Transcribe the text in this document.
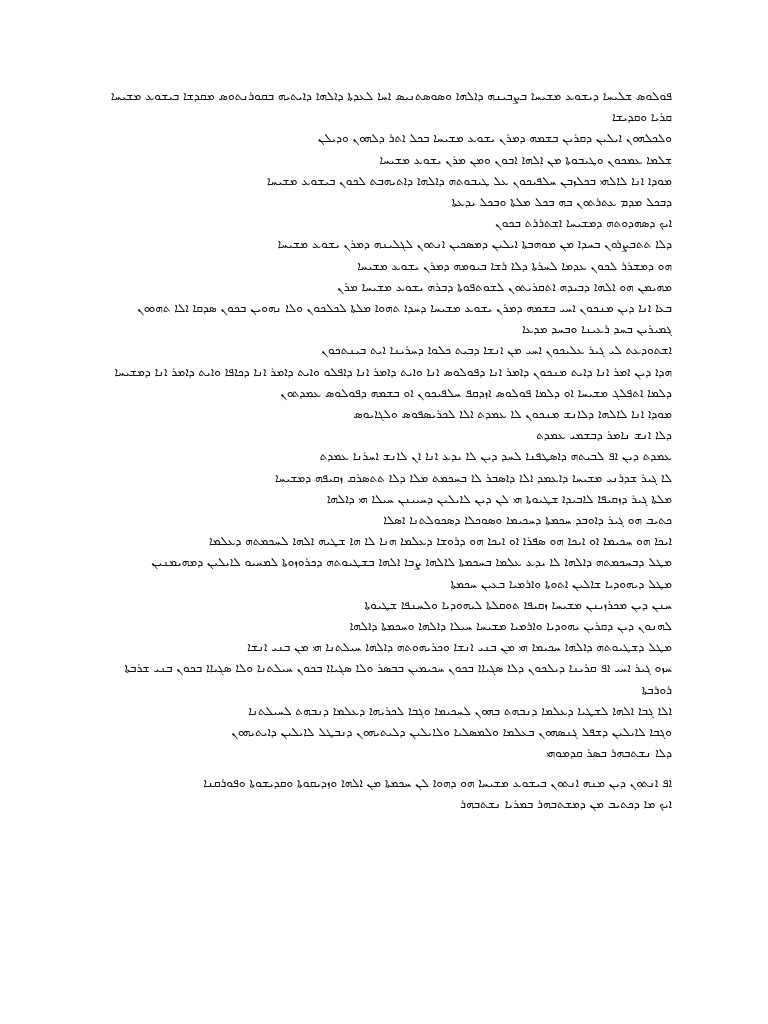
ܦܘܠܘܣ ܫܠܝܚܐ ܕܝܫܘܥ ܡܫܝܚܐ ܒܨܒܝܢܗ ܕܐܠܗܐ ܘܣܘܣܬܢܝܣ ܐܚܐ ܠܥܕܬܐ ܕܐܠܗܐ ܕܐܝܬܝܗ ܒܩܘܪܢܬܘܣ ܡܩܕܫܐ ܒܝܫܘܥ ܡܫܝܚܐ ܩܪܝܐ ܘܩܕܝܫܐ

ܘܠܟܠܗܘܢ ܐܝܠܝܢ ܕܩܪܝܢ ܒܫܡܗ ܕܡܪܢ ܝܫܘܥ ܡܫܝܚܐ ܒܟܠ ܐܬܪ ܕܠܗܘܢ ܘܕܝܠܢ

ܫܠܡܐ ܥܡܟܘܢ ܘܛܝܒܘܬܐ ܡܢ ܐܠܗܐ ܐܒܘܢ ܘܡܢ ܡܪܢ ܝܫܘܥ ܡܫܝܚܐ

ܡܘܕܐ ܐܢܐ ܠܐܠܗܝ ܒܟܠܙܒܢ ܚܠܦܝܟܘܢ ܥܠ ܛܝܒܘܬܗ ܕܐܠܗܐ ܕܐܬܝܗܒܬ ܠܟܘܢ ܒܝܫܘܥ ܡܫܝܚܐ

ܕܒܟܠ ܡܕܡ ܥܬܪܬܘܢ ܒܗ ܒܟܠ ܡܠܬܐ ܘܒܟܠ ܝܕܥܬܐ

ܐܝܟ ܕܣܗܕܘܬܗ ܕܡܫܝܚܐ ܐܫܬܪܪܬ ܒܟܘܢ

ܕܠܐ ܬܬܒܨܪܘܢ ܒܚܕܐ ܡܢ ܡܘܗܒܬܐ ܐܝܠܝܢ ܕܡܣܟܝܢ ܐܢܬܘܢ ܠܓܠܝܢܗ ܕܡܪܢ ܝܫܘܥ ܡܫܝܚܐ

ܗܘ ܕܡܫܪܪ ܠܟܘܢ ܥܕܡܐ ܠܚܪܬܐ ܕܠܐ ܪܫܐ ܒܝܘܡܗ ܕܡܪܢ ܝܫܘܥ ܡܫܝܚܐ

ܡܗܝܡܢ ܗܘ ܐܠܗܐ ܕܒܝܕܗ ܐܬܩܪܝܬܘܢ ܠܫܘܬܦܘܬܐ ܕܒܪܗ ܝܫܘܥ ܡܫܝܚܐ ܡܪܢ

ܒܥܐ ܐܢܐ ܕܝܢ ܡܢܟܘܢ ܐܚܝ ܒܫܡܗ ܕܡܪܢ ܝܫܘܥ ܡܫܝܚܐ ܕܚܕܐ ܬܗܘܐ ܡܠܬܐ ܠܟܠܟܘܢ ܘܠܐ ܢܗܘܝܢ ܒܟܘܢ ܣܕܩܐ ܐܠܐ ܬܗܘܘܢ ܓܡܝܪܝܢ ܒܚܕ ܪܥܝܢܐ ܘܒܚܕ ܡܕܥܐ

ܐܫܬܘܕܥܬ ܠܝ ܓܝܪ ܥܠܝܟܘܢ ܐܚܝ ܡܢ ܐܢܫܐ ܕܒܝܬ ܟܠܘܐ ܕܚܪܝܢܐ ܐܝܬ ܒܝܢܬܟܘܢ

ܗܕܐ ܕܝܢ ܐܡܪ ܐܢܐ ܕܐܝܬ ܡܢܟܘܢ ܕܐܡܪ ܐܢܐ ܕܦܘܠܘܣ ܐܢܐ ܘܐܝܬ ܕܐܡܪ ܐܢܐ ܕܐܦܠܘ ܘܐܝܬ ܕܐܡܪ ܐܢܐ ܕܟܐܦܐ ܘܐܝܬ ܕܐܡܪ ܐܢܐ ܕܡܫܝܚܐ

ܕܠܡܐ ܐܬܦܠܓ ܡܫܝܚܐ ܐܘ ܕܠܡܐ ܦܘܠܘܣ ܐܙܕܩܦ ܚܠܦܝܟܘܢ ܐܘ ܒܫܡܗ ܕܦܘܠܘܣ ܥܡܕܬܘܢ

ܡܘܕܐ ܐܢܐ ܠܐܠܗܐ ܕܠܐܢܫ ܡܢܟܘܢ ܠܐ ܥܡܕܬ ܐܠܐ ܠܟܪܝܣܦܘܣ ܘܠܓܐܝܘܣ

ܕܠܐ ܐܢܫ ܢܐܡܪ ܕܒܫܡܝ ܥܡܕܬ

ܥܡܕܬ ܕܝܢ ܐܦ ܠܒܝܬܗ ܕܐܣܛܦܢܐ ܠܚܕ ܕܝܢ ܠܐ ܝܕܥ ܐܢܐ ܐܢ ܠܐܢܫ ܐܚܪܢܐ ܥܡܕܬ

ܠܐ ܓܝܪ ܫܕܪܢܝ ܡܫܝܚܐ ܕܐܥܡܕ ܐܠܐ ܕܐܣܒܪ ܠܐ ܒܚܟܡܬ ܡܠܐ ܕܠܐ ܬܬܣܪܩ ܙܩܝܦܗ ܕܡܫܝܚܐ

ܡܠܬܐ ܓܝܪ ܕܙܩܝܦܐ ܠܐܒܝܕܐ ܫܛܝܘܬܐ ܗܝ ܠܢ ܕܝܢ ܠܐܝܠܝܢ ܕܚܝܝܢܢ ܚܝܠܐ ܗܝ ܕܐܠܗܐ

ܟܬܝܒ ܗܘ ܓܝܪ ܕܐܘܒܕ ܚܟܡܬܐ ܕܚܟܝܡܐ ܘܣܘܟܠܐ ܕܣܟܘܠܬܢܐ ܐܣܠܐ

ܐܝܟܐ ܗܘ ܚܟܝܡܐ ܐܘ ܐܝܟܐ ܗܘ ܣܦܪܐ ܐܘ ܐܝܟܐ ܗܘ ܕܪܘܫܐ ܕܥܠܡܐ ܗܢܐ ܠܐ ܗܐ ܫܛܝܗ ܐܠܗܐ ܠܚܟܡܬܗ ܕܥܠܡܐ

ܡܛܠ ܕܒܚܟܡܬܗ ܕܐܠܗܐ ܠܐ ܝܕܥ ܥܠܡܐ ܒܚܟܡܬܐ ܠܐܠܗܐ ܨܒܐ ܐܠܗܐ ܒܫܛܝܘܬܗ ܕܟܪܘܙܘܬܐ ܠܡܚܝܘ ܠܐܝܠܝܢ ܕܡܗܝܡܢܝܢ

ܡܛܠ ܕܝܗܘܕܝܐ ܫܐܠܝܢ ܐܬܘܬܐ ܘܐܪܡܝܐ ܒܥܝܢ ܚܟܡܬܐ

ܚܢܢ ܕܝܢ ܡܟܪܙܝܢܢ ܡܫܝܚܐ ܙܩܝܦܐ ܬܘܩܠܬܐ ܠܝܗܘܕܝܐ ܘܠܚܢܦܐ ܫܛܝܘܬܐ

ܠܗܢܘܢ ܕܝܢ ܕܩܪܝܢ ܝܗܘܕܝܐ ܘܐܪܡܝܐ ܡܫܝܚܐ ܚܝܠܐ ܕܐܠܗܐ ܘܚܟܡܬܐ ܕܐܠܗܐ

ܡܛܠ ܕܫܛܝܘܬܗ ܕܐܠܗܐ ܚܟܝܡܐ ܗܝ ܡܢ ܒܢܝ ܐܢܫܐ ܘܟܪܝܗܘܬܗ ܕܐܠܗܐ ܚܝܠܬܢܐ ܗܝ ܡܢ ܒܢܝ ܐܢܫܐ

ܚܙܘ ܓܝܪ ܐܚܝ ܐܦ ܩܪܝܢܐ ܕܝܠܟܘܢ ܕܠܐ ܣܓܝܐܐ ܒܟܘܢ ܚܟܝܡܝܢ ܒܒܣܪ ܘܠܐ ܣܓܝܐܐ ܒܟܘܢ ܚܝܠܬܢܐ ܘܠܐ ܣܓܝܐܐ ܒܟܘܢ ܒܢܝ ܫܪܒܬܐ ܪܘܪܒܬܐ

ܐܠܐ ܓܒܐ ܐܠܗܐ ܠܫܛܝܐ ܕܥܠܡܐ ܕܢܒܗܬ ܒܗܘܢ ܠܚܟܝܡܐ ܘܓܒܐ ܠܟܪܝܗܐ ܕܥܠܡܐ ܕܢܒܗܬ ܠܚܝܠܬܢܐ

ܘܓܒܐ ܠܐܝܠܝܢ ܕܫܦܠ ܓܢܣܗܘܢ ܒܥܠܡܐ ܘܠܡܣܠܝܐ ܘܠܐܝܠܝܢ ܕܠܝܬܝܗܘܢ ܕܢܒܛܠ ܠܐܝܠܝܢ ܕܐܝܬܝܗܘܢ

ܕܠܐ ܢܫܬܒܗܪ ܒܣܪ ܩܕܡܘܗܝ

ܐܦ ܐܢܬܘܢ ܕܝܢ ܡܢܗ ܐܢܬܘܢ ܒܝܫܘܥ ܡܫܝܚܐ ܗܘ ܕܗܘܐ ܠܢ ܚܟܡܬܐ ܡܢ ܐܠܗܐ ܘܙܕܝܩܘܬܐ ܘܩܕܝܫܘܬܐ ܘܦܘܪܩܢܐ

ܐܝܟ ܡܐ ܕܟܬܝܒ ܡܢ ܕܡܫܬܒܗܪ ܒܡܪܝܐ ܢܫܬܒܗܪ
